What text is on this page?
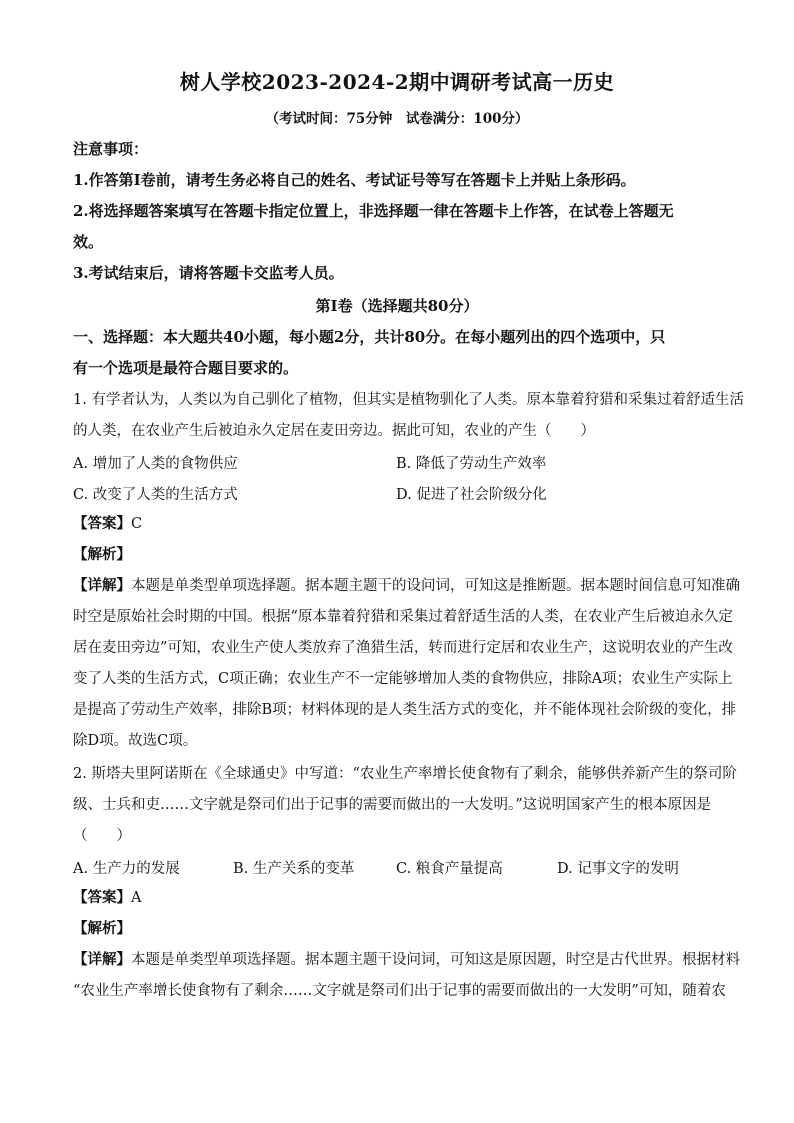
树人学校2023-2024-2期中调研考试高一历史
（考试时间：75分钟　试卷满分：100分）
注意事项：
1.作答第Ⅰ卷前，请考生务必将自己的姓名、考试证号等写在答题卡上并贴上条形码。
2.将选择题答案填写在答题卡指定位置上，非选择题一律在答题卡上作答，在试卷上答题无
效。
3.考试结束后，请将答题卡交监考人员。
第Ⅰ卷（选择题共80分）
一、选择题：本大题共40小题，每小题2分，共计80分。在每小题列出的四个选项中，只
有一个选项是最符合题目要求的。
1. 有学者认为，人类以为自己驯化了植物，但其实是植物驯化了人类。原本靠着狩猎和采集过着舒适生活
的人类，在农业产生后被迫永久定居在麦田旁边。据此可知，农业的产生（　　）
A. 增加了人类的食物供应	B. 降低了劳动生产效率
C. 改变了人类的生活方式	D. 促进了社会阶级分化
【答案】C
【解析】
【详解】本题是单类型单项选择题。据本题主题干的设问词，可知这是推断题。据本题时间信息可知准确
时空是原始社会时期的中国。根据“原本靠着狩猎和采集过着舒适生活的人类，在农业产生后被迫永久定
居在麦田旁边”可知，农业生产使人类放弃了渔猎生活，转而进行定居和农业生产，这说明农业的产生改
变了人类的生活方式，C项正确；农业生产不一定能够增加人类的食物供应，排除A项；农业生产实际上
是提高了劳动生产效率，排除B项；材料体现的是人类生活方式的变化，并不能体现社会阶级的变化，排
除D项。故选C项。
2. 斯塔夫里阿诺斯在《全球通史》中写道：“农业生产率增长使食物有了剩余，能够供养新产生的祭司阶
级、士兵和吏……文字就是祭司们出于记事的需要而做出的一大发明。”这说明国家产生的根本原因是
（　　）
A. 生产力的发展	B. 生产关系的变革	C. 粮食产量提高	D. 记事文字的发明
【答案】A
【解析】
【详解】本题是单类型单项选择题。据本题主题干设问词，可知这是原因题，时空是古代世界。根据材料
“农业生产率增长使食物有了剩余……文字就是祭司们出于记事的需要而做出的一大发明”可知，随着农
